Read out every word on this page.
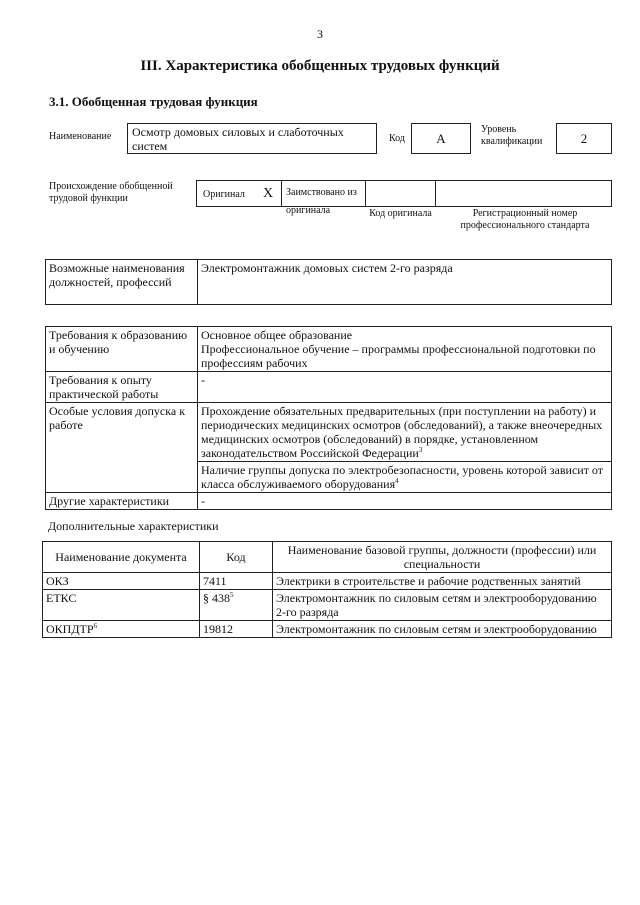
3
III. Характеристика обобщенных трудовых функций
3.1. Обобщенная трудовая функция
Наименование	Осмотр домовых силовых и слаботочных систем
Код	A
Уровень квалификации	2
Происхождение обобщенной трудовой функции	Оригинал X	Заимствовано из оригинала	Код оригинала	Регистрационный номер профессионального стандарта
Возможные наименования должностей, профессий	Электромонтажник домовых систем 2-го разряда
Требования к образованию и обучению	Основное общее образование
Профессиональное обучение – программы профессиональной подготовки по профессиям рабочих

Требования к опыту практической работы	-
Особые условия допуска к работе	Прохождение обязательных предварительных (при поступлении на работу) и периодических медицинских осмотров (обследований), а также внеочередных медицинских осмотров (обследований) в порядке, установленном законодательством Российской Федерации$^3$
	Наличие группы допуска по электробезопасности, уровень которой зависит от класса обслуживаемого оборудования$^4$
Другие характеристики	-
Дополнительные характеристики
Наименование документа	Код	Наименование базовой группы, должности (профессии) или специальности
ОКЗ	7411	Электрики в строительстве и рабочие родственных занятий
ЕТКС	§ $438^5$	Электромонтажник по силовым сетям и электрооборудованию 2-го разряда
ОКПДТР$^6$	19812	Электромонтажник по силовым сетям и электрооборудованию
